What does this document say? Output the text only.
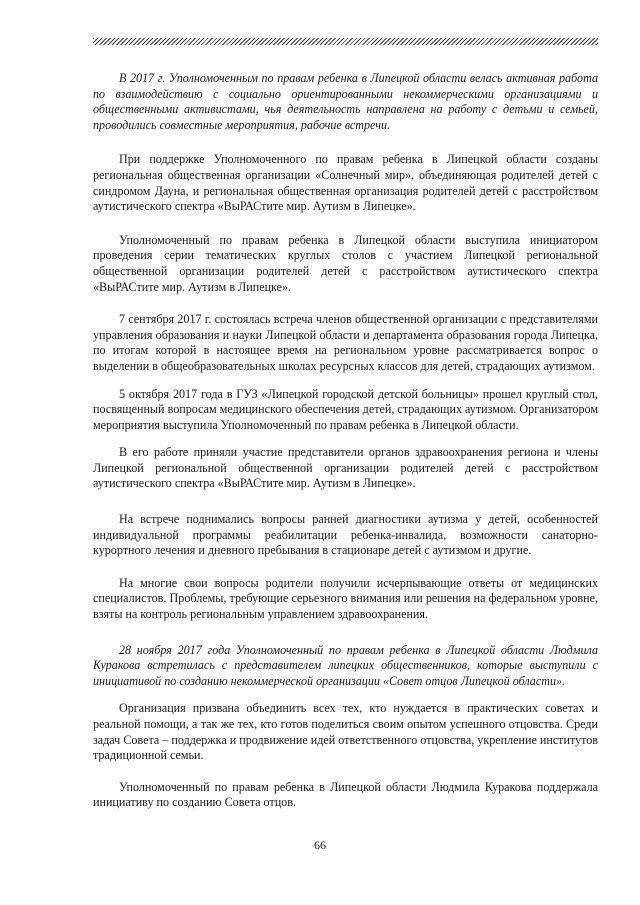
В 2017 г. Уполномоченным по правам ребенка в Липецкой области велась активная работа по взаимодействию с социально ориентированными некоммерческими организациями и общественными активистами, чья деятельность направлена на работу с детьми и семьей, проводились совместные мероприятия, рабочие встречи.

При поддержке Уполномоченного по правам ребенка в Липецкой области созданы региональная общественная организации «Солнечный мир», объединяющая родителей детей с синдромом Дауна, и региональная общественная организация родителей детей с расстройством аутистического спектра «ВыРАСтите мир. Аутизм в Липецке».

Уполномоченный по правам ребенка в Липецкой области выступила инициатором проведения серии тематических круглых столов с участием Липецкой региональной общественной организации родителей детей с расстройством аутистического спектра «ВыРАСтите мир. Аутизм в Липецке».

7 сентября 2017 г. состоялась встреча членов общественной организации с представителями управления образования и науки Липецкой области и департамента образования города Липецка, по итогам которой в настоящее время на региональном уровне рассматривается вопрос о выделении в общеобразовательных школах ресурсных классов для детей, страдающих аутизмом.

5 октября 2017 года в ГУЗ «Липецкой городской детской больницы» прошел круглый стол, посвященный вопросам медицинского обеспечения детей, страдающих аутизмом. Организатором мероприятия выступила Уполномоченный по правам ребенка в Липецкой области.

В его работе приняли участие представители органов здравоохранения региона и члены Липецкой региональной общественной организации родителей детей с расстройством аутистического спектра «ВыРАСтите мир. Аутизм в Липецке».

На встрече поднимались вопросы ранней диагностики аутизма у детей, особенностей индивидуальной программы реабилитации ребенка-инвалида, возможности санаторно-курортного лечения и дневного пребывания в стационаре детей с аутизмом и другие.

На многие свои вопросы родители получили исчерпывающие ответы от медицинских специалистов. Проблемы, требующие серьезного внимания или решения на федеральном уровне, взяты на контроль региональным управлением здравоохранения.

28 ноября 2017 года Уполномоченный по правам ребенка в Липецкой области Людмила Куракова встретилась с представителем липецких общественников, которые выступили с инициативой по созданию некоммерческой организации «Совет отцов Липецкой области».

Организация призвана объединить всех тех, кто нуждается в практических советах и реальной помощи, а так же тех, кто готов поделиться своим опытом успешного отцовства. Среди задач Совета – поддержка и продвижение идей ответственного отцовства, укрепление институтов традиционной семьи.

Уполномоченный по правам ребенка в Липецкой области Людмила Куракова поддержала инициативу по созданию Совета отцов.

66
